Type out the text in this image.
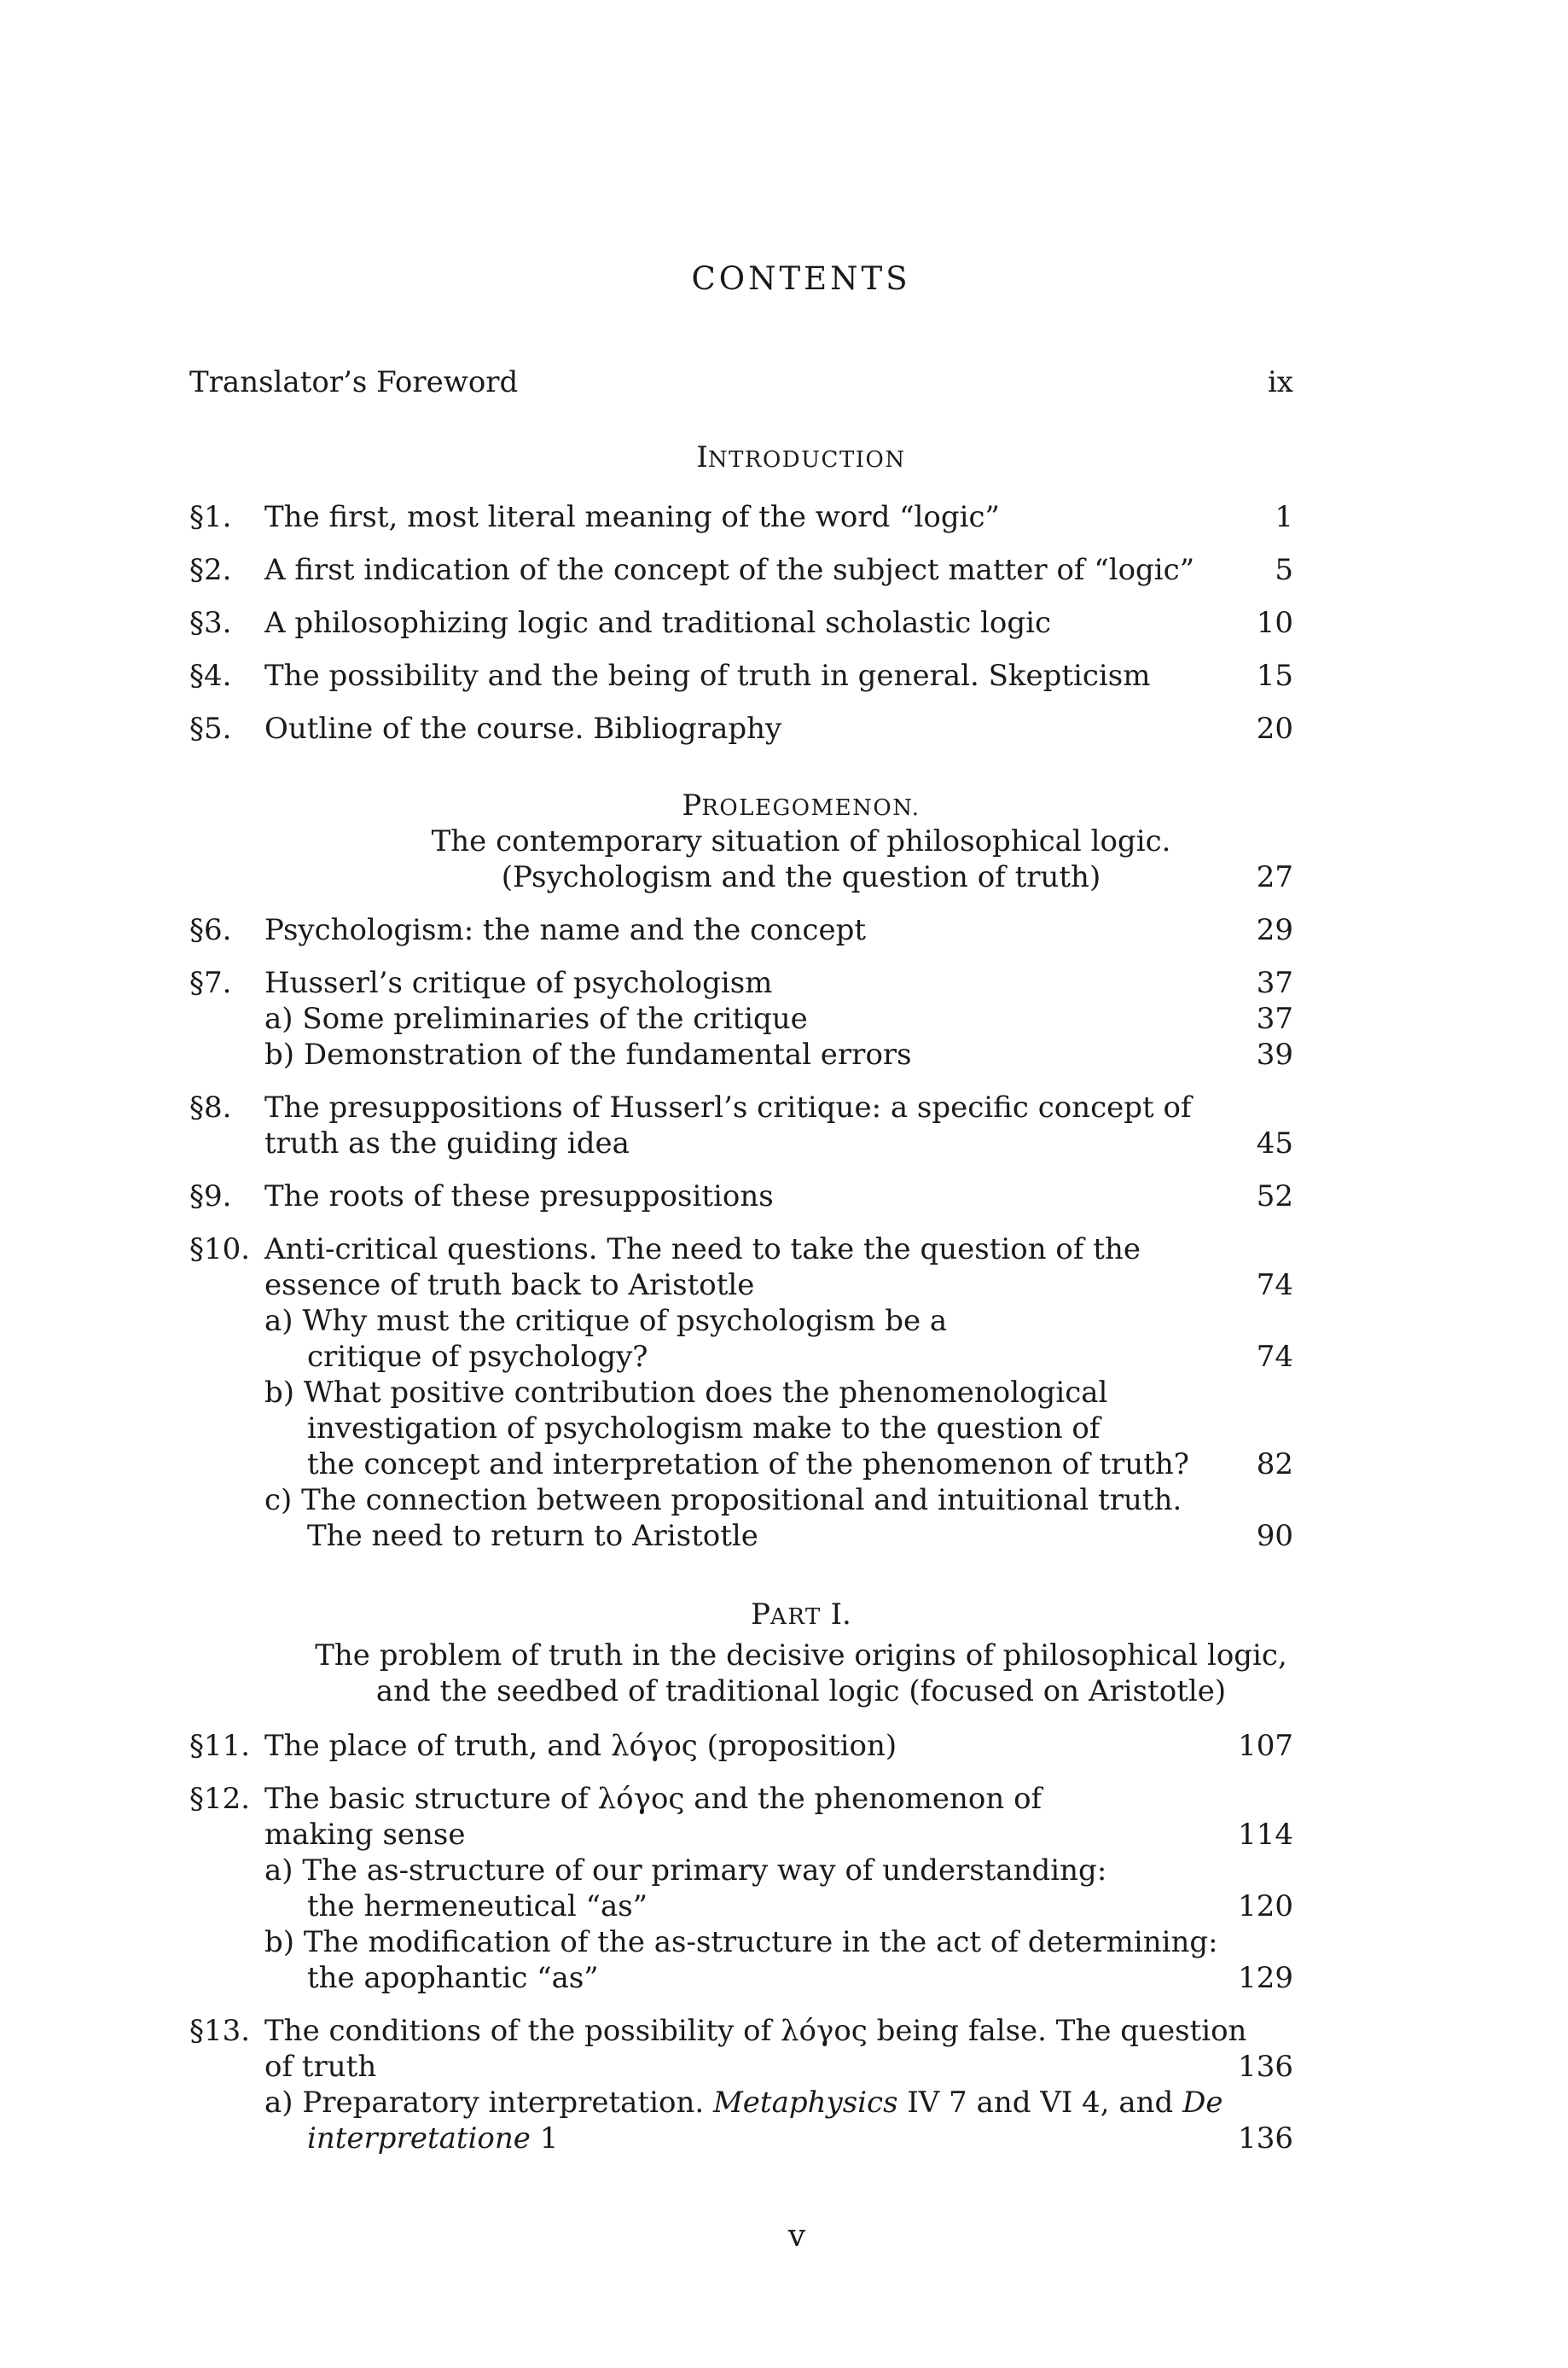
CONTENTS
Translator’s Foreword	ix
INTRODUCTION
§1. The first, most literal meaning of the word “logic”	1
§2. A first indication of the concept of the subject matter of “logic”	5
§3. A philosophizing logic and traditional scholastic logic	10
§4. The possibility and the being of truth in general. Skepticism	15
§5. Outline of the course. Bibliography	20
PROLEGOMENON.
The contemporary situation of philosophical logic.
(Psychologism and the question of truth)	27
§6. Psychologism: the name and the concept	29
§7. Husserl’s critique of psychologism	37
a) Some preliminaries of the critique	37
b) Demonstration of the fundamental errors	39
§8. The presuppositions of Husserl’s critique: a specific concept of
truth as the guiding idea	45
§9. The roots of these presuppositions	52
§10. Anti-critical questions. The need to take the question of the
essence of truth back to Aristotle	74
a) Why must the critique of psychologism be a
critique of psychology?	74
b) What positive contribution does the phenomenological
investigation of psychologism make to the question of
the concept and interpretation of the phenomenon of truth? 82
c) The connection between propositional and intuitional truth.
The need to return to Aristotle	90
PART I.
The problem of truth in the decisive origins of philosophical logic,
and the seedbed of traditional logic (focused on Aristotle)
§11. The place of truth, and λόγος (proposition)	107
§12. The basic structure of λόγος and the phenomenon of
making sense	114
a) The as-structure of our primary way of understanding:
the hermeneutical “as”	120
b) The modification of the as-structure in the act of determining:
the apophantic “as”	129
§13. The conditions of the possibility of λόγος being false. The question
of truth	136
a) Preparatory interpretation. Metaphysics IV 7 and VI 4, and De
interpretatione 1	136
v
